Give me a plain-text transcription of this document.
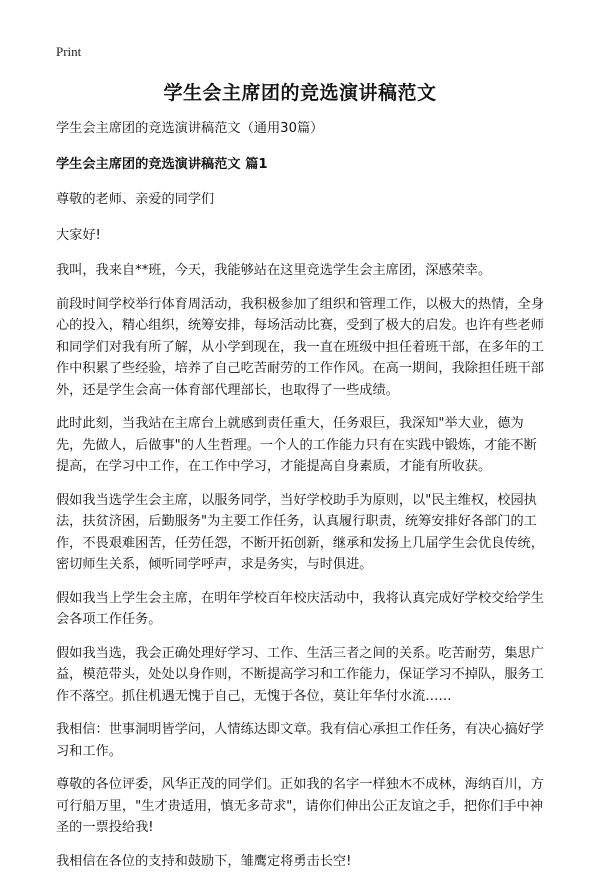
Print
学生会主席团的竞选演讲稿范文

学生会主席团的竞选演讲稿范文（通用30篇）

学生会主席团的竞选演讲稿范文 篇1

尊敬的老师、亲爱的同学们

大家好!

我叫，我来自**班，今天，我能够站在这里竞选学生会主席团，深感荣幸。

前段时间学校举行体育周活动，我积极参加了组织和管理工作，以极大的热情，全身心的投入，精心组织，统筹安排，每场活动比赛，受到了极大的启发。也许有些老师和同学们对我有所了解，从小学到现在，我一直在班级中担任着班干部，在多年的工作中积累了些经验，培养了自己吃苦耐劳的工作作风。在高一期间，我除担任班干部外，还是学生会高一体育部代理部长，也取得了一些成绩。

此时此刻，当我站在主席台上就感到责任重大，任务艰巨，我深知"举大业，德为先，先做人，后做事"的人生哲理。一个人的工作能力只有在实践中锻炼，才能不断提高，在学习中工作，在工作中学习，才能提高自身素质，才能有所收获。

假如我当选学生会主席，以服务同学，当好学校助手为原则，以"民主维权，校园执法，扶贫济困，后勤服务"为主要工作任务，认真履行职责，统筹安排好各部门的工作，不畏艰难困苦，任劳任怨，不断开拓创新，继承和发扬上几届学生会优良传统，密切师生关系，倾听同学呼声，求是务实，与时俱进。

假如我当上学生会主席，在明年学校百年校庆活动中，我将认真完成好学校交给学生会各项工作任务。

假如我当选，我会正确处理好学习、工作、生活三者之间的关系。吃苦耐劳，集思广益，模范带头，处处以身作则，不断提高学习和工作能力，保证学习不掉队，服务工作不落空。抓住机遇无愧于自己，无愧于各位，莫让年华付水流……

我相信：世事洞明皆学问，人情练达即文章。我有信心承担工作任务，有决心搞好学习和工作。

尊敬的各位评委，风华正茂的同学们。正如我的名字一样独木不成林，海纳百川，方可行船万里，"生才贵适用，慎无多苛求"，请你们伸出公正友谊之手，把你们手中神圣的一票投给我!

我相信在各位的支持和鼓励下，雏鹰定将勇击长空!
